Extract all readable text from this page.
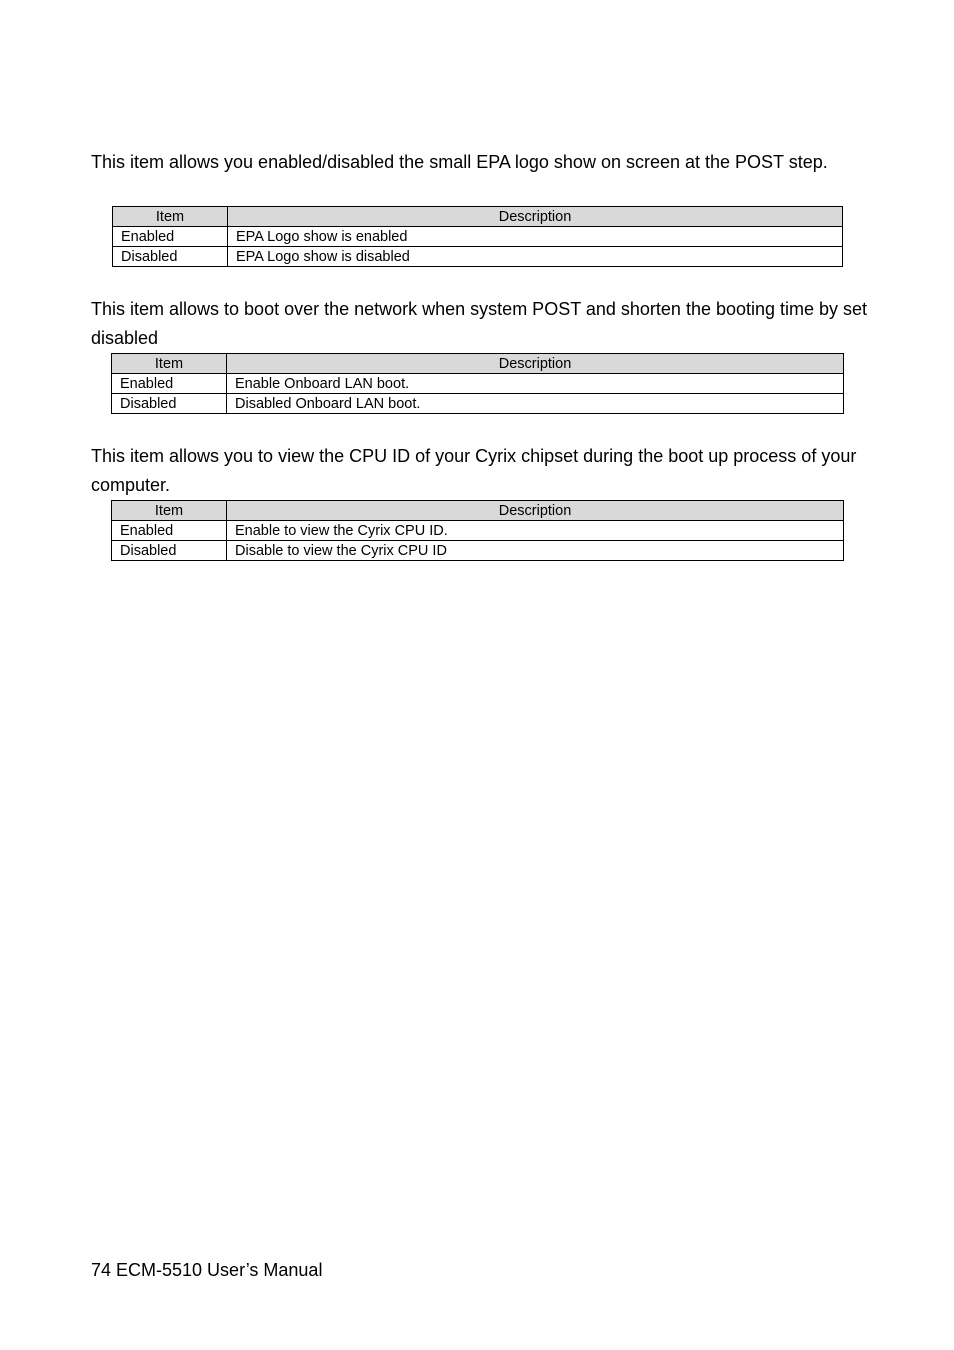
This item allows you enabled/disabled the small EPA logo show on screen at the POST step.

Item	Description
Enabled	EPA Logo show is enabled
Disabled	EPA Logo show is disabled

This item allows to boot over the network when system POST and shorten the booting time by set disabled

Item	Description
Enabled	Enable Onboard LAN boot.
Disabled	Disabled Onboard LAN boot.

This item allows you to view the CPU ID of your Cyrix chipset during the boot up process of your computer.

Item	Description
Enabled	Enable to view the Cyrix CPU ID.
Disabled	Disable to view the Cyrix CPU ID
74 ECM-5510 User’s Manual
